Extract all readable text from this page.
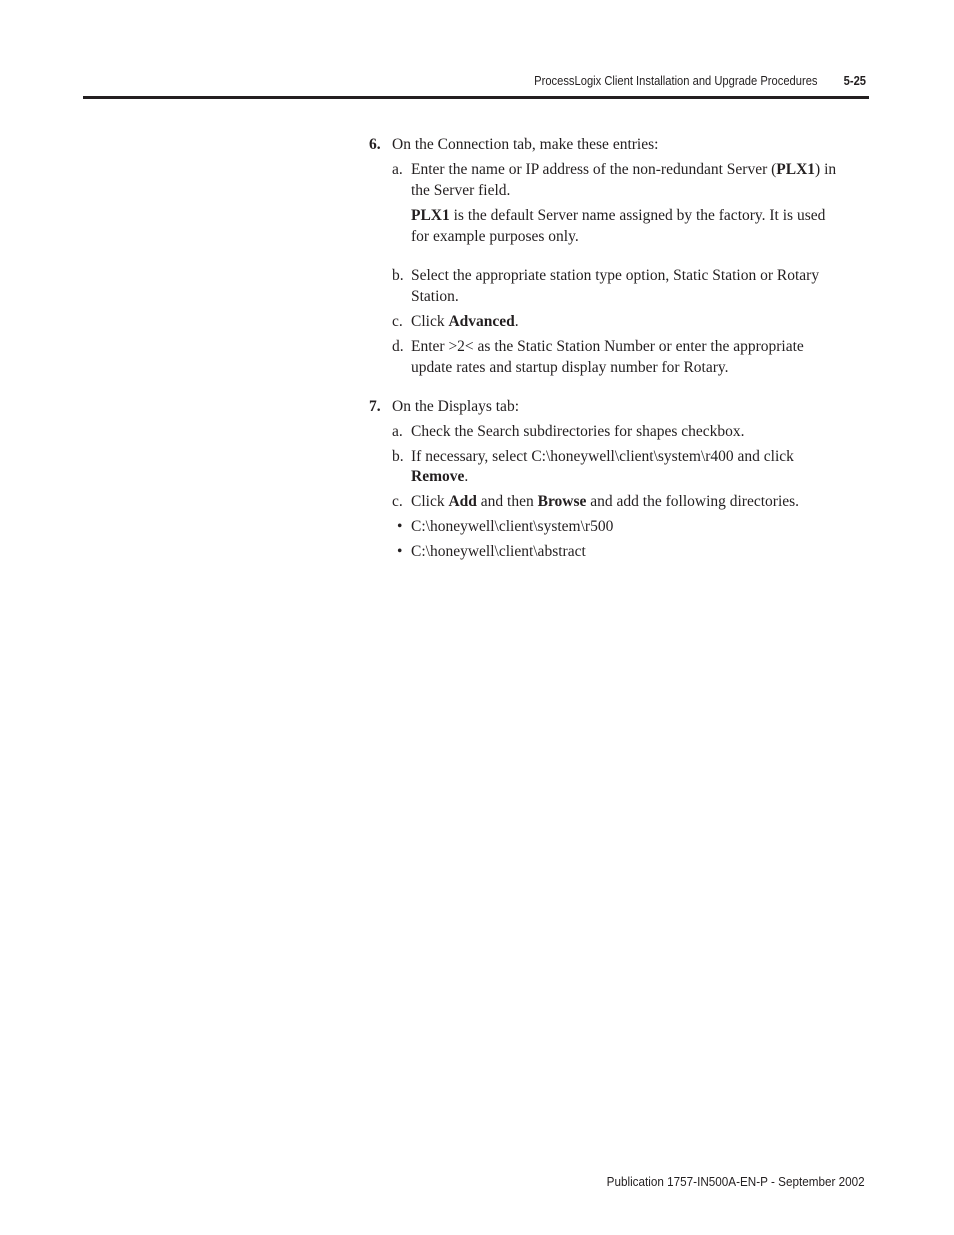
ProcessLogix Client Installation and Upgrade Procedures 5-25
6. On the Connection tab, make these entries:
a. Enter the name or IP address of the non-redundant Server (PLX1) in
the Server field.
PLX1 is the default Server name assigned by the factory. It is used
for example purposes only.
b. Select the appropriate station type option, Static Station or Rotary
Station.
c. Click Advanced.
d. Enter >2< as the Static Station Number or enter the appropriate
update rates and startup display number for Rotary.
7. On the Displays tab:
a. Check the Search subdirectories for shapes checkbox.
b. If necessary, select C:\honeywell\client\system\r400 and click
Remove.
c. Click Add and then Browse and add the following directories.
• C:\honeywell\client\system\r500
• C:\honeywell\client\abstract
Publication 1757-IN500A-EN-P - September 2002
